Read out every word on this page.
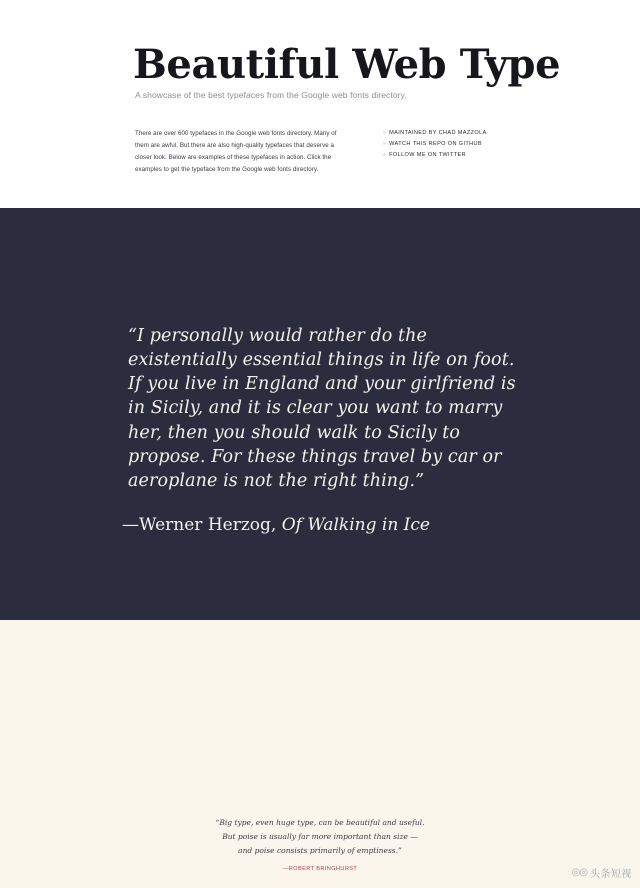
Beautiful Web Type
A showcase of the best typefaces from the Google web fonts directory.
There are over 600 typefaces in the Google web fonts directory. Many of them are awful. But there are also high-quality typefaces that deserve a closer look. Below are examples of these typefaces in action. Click the examples to get the typeface from the Google web fonts directory.
» MAINTAINED BY CHAD MAZZOLA
» WATCH THIS REPO ON GITHUB
» FOLLOW ME ON TWITTER

“I personally would rather do the existentially essential things in life on foot. If you live in England and your girlfriend is in Sicily, and it is clear you want to marry her, then you should walk to Sicily to propose. For these things travel by car or aeroplane is not the right thing.”

—Werner Herzog, Of Walking in Ice

“Big type, even huge type, can be beautiful and useful.

But poise is usually far more important than size —

and poise consists primarily of emptiness.”

—ROBERT BRINGHURST	◎◎ 头条短视
